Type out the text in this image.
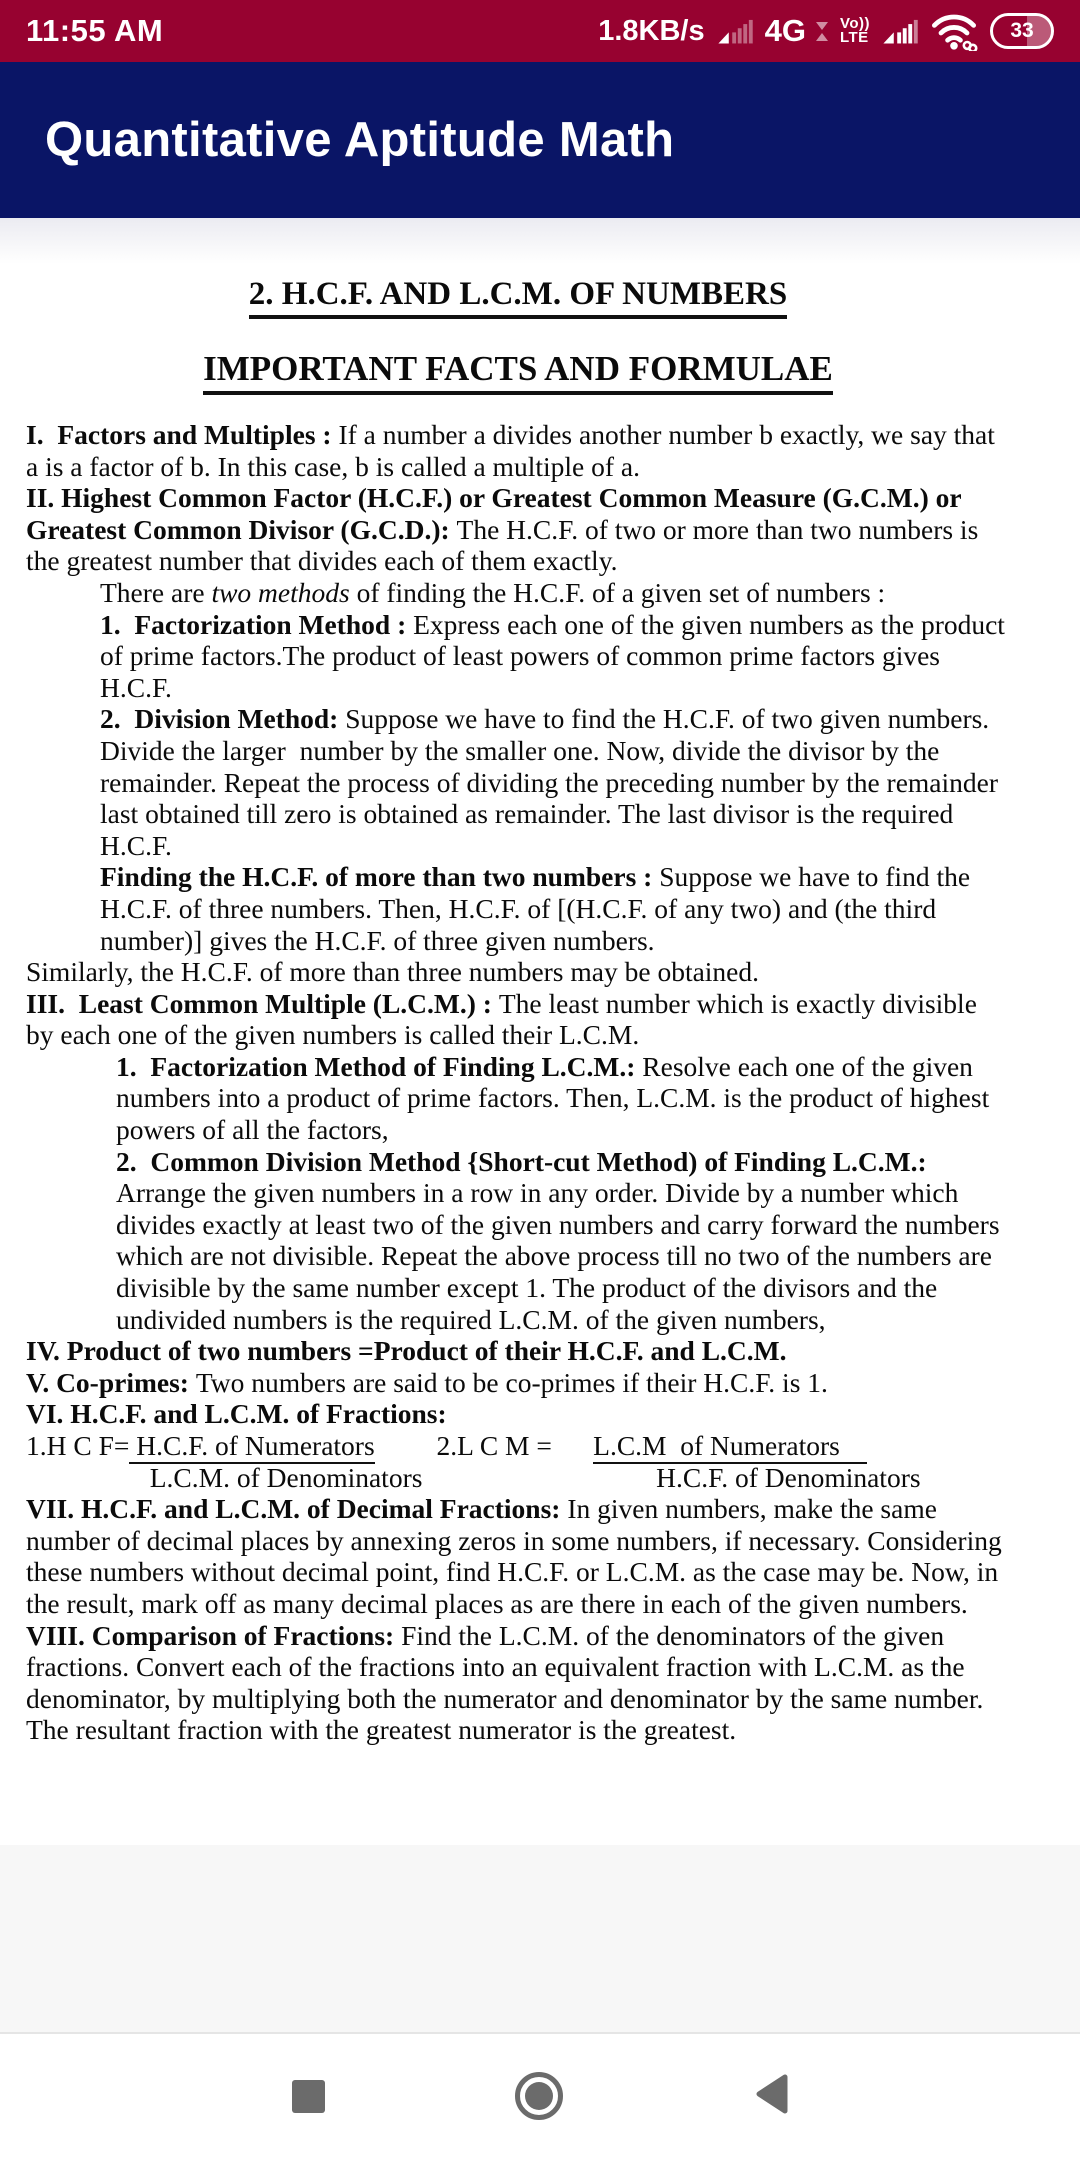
11:55 AM	1.8KB/s 4G Vo))
LTE	33
Quantitative Aptitude Math
2. H.C.F. AND L.C.M. OF NUMBERS
IMPORTANT FACTS AND FORMULAE

I.  Factors and Multiples : If a number a divides another number b exactly, we say that a is a factor of b. In this case, b is called a multiple of a.

II. Highest Common Factor (H.C.F.) or Greatest Common Measure (G.C.M.) or Greatest Common Divisor (G.C.D.): The H.C.F. of two or more than two numbers is the greatest number that divides each of them exactly.

There are two methods of finding the H.C.F. of a given set of numbers :

1.  Factorization Method : Express each one of the given numbers as the product of prime factors.The product of least powers of common prime factors gives H.C.F.

2.  Division Method: Suppose we have to find the H.C.F. of two given numbers. Divide the larger  number by the smaller one. Now, divide the divisor by the remainder. Repeat the process of dividing the preceding number by the remainder last obtained till zero is obtained as remainder. The last divisor is the required H.C.F.

Finding the H.C.F. of more than two numbers : Suppose we have to find the H.C.F. of three numbers. Then, H.C.F. of [(H.C.F. of any two) and (the third number)] gives the H.C.F. of three given numbers.

Similarly, the H.C.F. of more than three numbers may be obtained.

III.  Least Common Multiple (L.C.M.) : The least number which is exactly divisible by each one of the given numbers is called their L.C.M.

1.  Factorization Method of Finding L.C.M.: Resolve each one of the given numbers into a product of prime factors. Then, L.C.M. is the product of highest powers of all the factors,

2.  Common Division Method {Short-cut Method) of Finding L.C.M.: Arrange the given numbers in a row in any order. Divide by a number which divides exactly at least two of the given numbers and carry forward the numbers which are not divisible. Repeat the above process till no two of the numbers are divisible by the same number except 1. The product of the divisors and the undivided numbers is the required L.C.M. of the given numbers,

IV. Product of two numbers =Product of their H.C.F. and L.C.M.

V. Co-primes: Two numbers are said to be co-primes if their H.C.F. is 1.

VI. H.C.F. and L.C.M. of Fractions:

1.H C F= H.C.F. of Numerators         2.L C M =      L.C.M  of Numerators

L.C.M. of Denominators                                  H.C.F. of Denominators

VII. H.C.F. and L.C.M. of Decimal Fractions: In given numbers, make the same number of decimal places by annexing zeros in some numbers, if necessary. Considering these numbers without decimal point, find H.C.F. or L.C.M. as the case may be. Now, in the result, mark off as many decimal places as are there in each of the given numbers.

VIII. Comparison of Fractions: Find the L.C.M. of the denominators of the given fractions. Convert each of the fractions into an equivalent fraction with L.C.M. as the denominator, by multiplying both the numerator and denominator by the same number. The resultant fraction with the greatest numerator is the greatest.
